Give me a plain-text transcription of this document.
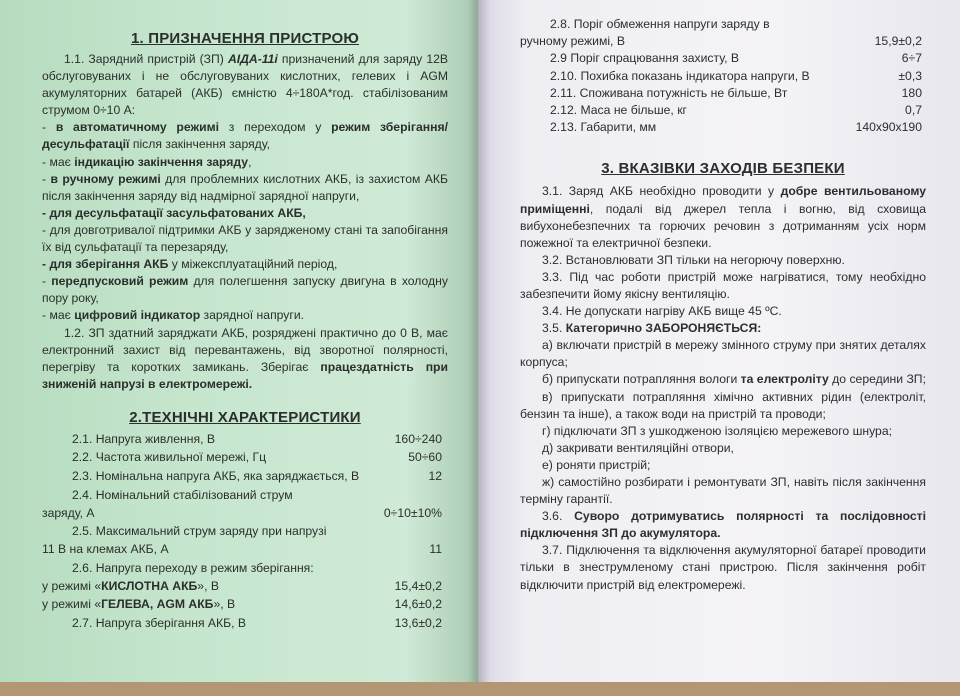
1. ПРИЗНАЧЕННЯ ПРИСТРОЮ

1.1. Зарядний пристрій (ЗП) АІДА-11і призначений для заряду 12В обслуговуваних і не обслуговуваних кислотних, гелевих і AGM акумуляторних батарей (АКБ) ємністю 4÷180А*год. стабілізованим струмом 0÷10 А:

- в автоматичному режимі з переходом у режим зберігання/десульфатації після закінчення заряду,

- має індикацію закінчення заряду,

- в ручному режимі для проблемних кислотних АКБ, із захистом АКБ після закінчення заряду від надмірної зарядної напруги,

- для десульфатації засульфатованих АКБ,

- для довготривалої підтримки АКБ у зарядженому стані та запобігання їх від сульфатації та перезаряду,

- для зберігання АКБ у міжексплуатаційний період,

- передпусковий режим для полегшення запуску двигуна в холодну пору року,

- має цифровий індикатор зарядної напруги.

1.2. ЗП здатний заряджати АКБ, розряджені практично до 0 В, має електронний захист від перевантажень, від зворотної полярності, перегріву та коротких замикань. Зберігає працездатність при зниженій напрузі в електромережі.

2.ТЕХНІЧНІ ХАРАКТЕРИСТИКИ
2.1. Напруга живлення, В	160÷240
2.2. Частота живильної мережі, Гц	50÷60
2.3. Номінальна напруга АКБ, яка заряджається, В	12
2.4. Номінальний стабілізований струм
заряду, А	0÷10±10%
2.5. Максимальний струм заряду при напрузі
11 В на клемах АКБ, А	11
2.6. Напруга переходу в режим зберігання:
у режимі «КИСЛОТНА АКБ», В	15,4±0,2
у режимі «ГЕЛЕВА, AGM АКБ», В	14,6±0,2
2.7. Напруга зберігання АКБ, В	13,6±0,2
2.8. Поріг обмеження напруги заряду в
ручному режимі, В	15,9±0,2
2.9 Поріг спрацювання захисту, В	6÷7
2.10. Похибка показань індикатора напруги, В	±0,3
2.11. Споживана потужність не більше, Вт	180
2.12. Маса не більше, кг	0,7
2.13. Габарити, мм	140х90х190
3. ВКАЗІВКИ ЗАХОДІВ БЕЗПЕКИ

3.1. Заряд АКБ необхідно проводити у добре вентильованому приміщенні, подалі від джерел тепла і вогню, від сховища вибухонебезпечних та горючих речовин з дотриманням усіх норм пожежної та електричної безпеки.

3.2. Встановлювати ЗП тільки на негорючу поверхню.

3.3. Під час роботи пристрій може нагріватися, тому необхідно забезпечити йому якісну вентиляцію.

3.4. Не допускати нагріву АКБ вище 45 ºС.

3.5. Категорично ЗАБОРОНЯЄТЬСЯ:

а) включати пристрій в мережу змінного струму при знятих деталях корпуса;

б) припускати потрапляння вологи та електроліту до середини ЗП;

в) припускати потрапляння хімічно активних рідин (електроліт, бензин та інше), а також води на пристрій та проводи;

г) підключати ЗП з ушкодженою ізоляцією мережевого шнура;

д) закривати вентиляційні отвори,

е) роняти пристрій;

ж) самостійно розбирати і ремонтувати ЗП, навіть після закінчення терміну гарантії.

3.6. Суворо дотримуватись полярності та послідовності підключення ЗП до акумулятора.

3.7. Підключення та відключення акумуляторної батареї проводити тільки в знеструмленому стані пристрою. Після закінчення робіт відключити пристрій від електромережі.
